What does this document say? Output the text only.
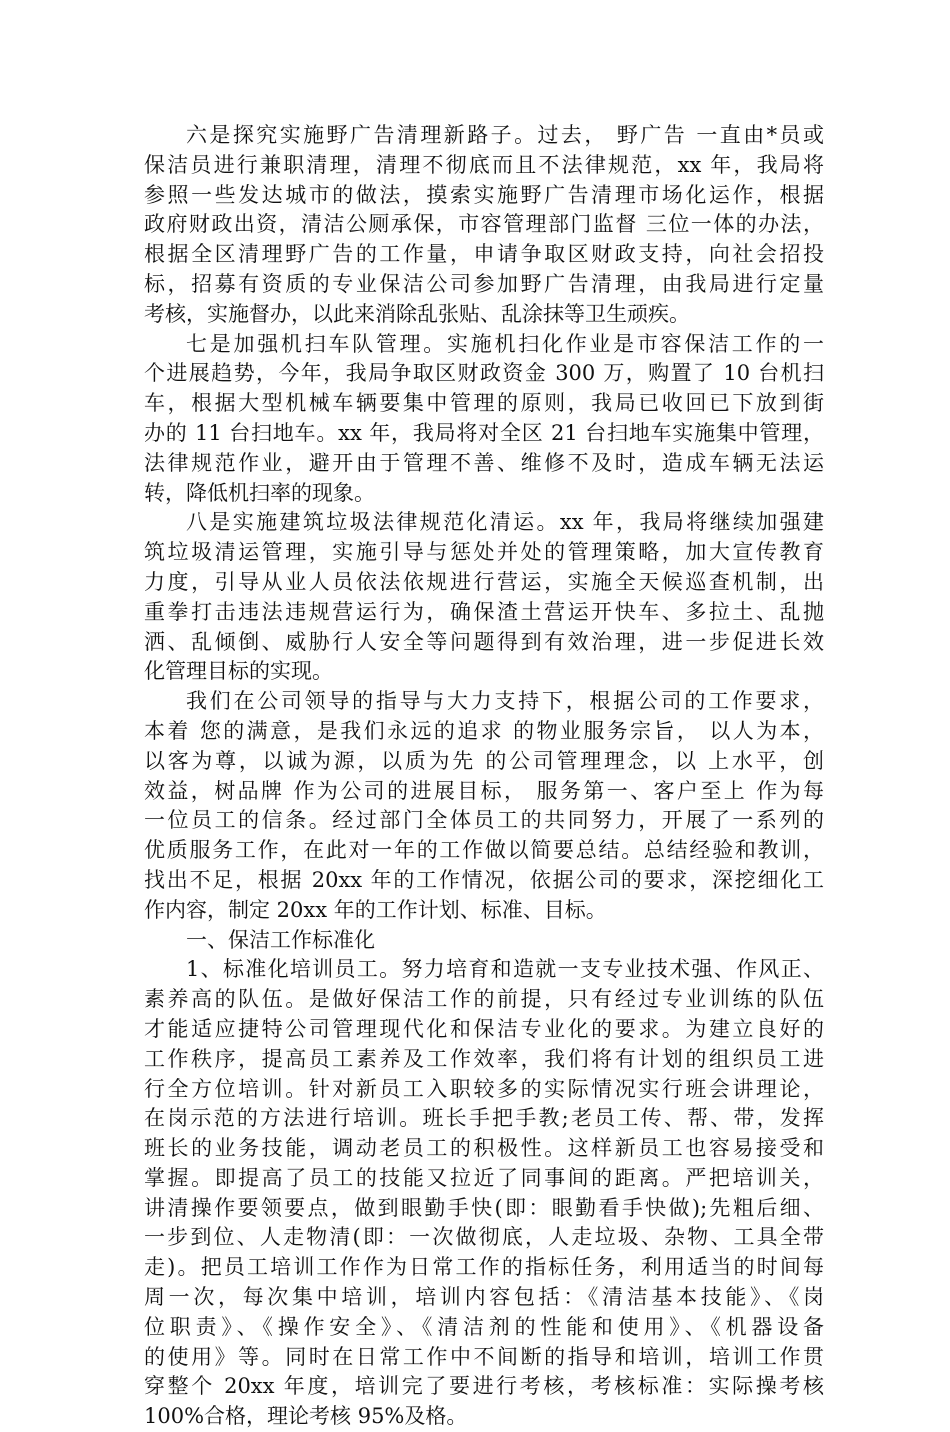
六是探究实施野广告清理新路子。过去， 野广告 一直由*员或
保洁员进行兼职清理，清理不彻底而且不法律规范，xx 年，我局将
参照一些发达城市的做法，摸索实施野广告清理市场化运作，根据
政府财政出资，清洁公厕承保，市容管理部门监督 三位一体的办法，
根据全区清理野广告的工作量，申请争取区财政支持，向社会招投
标，招募有资质的专业保洁公司参加野广告清理，由我局进行定量
考核，实施督办，以此来消除乱张贴、乱涂抹等卫生顽疾。
七是加强机扫车队管理。实施机扫化作业是市容保洁工作的一
个进展趋势，今年，我局争取区财政资金 300 万，购置了 10 台机扫
车，根据大型机械车辆要集中管理的原则，我局已收回已下放到街
办的 11 台扫地车。xx 年，我局将对全区 21 台扫地车实施集中管理，
法律规范作业，避开由于管理不善、维修不及时，造成车辆无法运
转，降低机扫率的现象。
八是实施建筑垃圾法律规范化清运。xx 年，我局将继续加强建
筑垃圾清运管理，实施引导与惩处并处的管理策略，加大宣传教育
力度，引导从业人员依法依规进行营运，实施全天候巡查机制，出
重拳打击违法违规营运行为，确保渣土营运开快车、多拉土、乱抛
洒、乱倾倒、威胁行人安全等问题得到有效治理，进一步促进长效
化管理目标的实现。
我们在公司领导的指导与大力支持下，根据公司的工作要求，
本着 您的满意，是我们永远的追求 的物业服务宗旨， 以人为本，
以客为尊，以诚为源，以质为先 的公司管理理念，以 上水平，创
效益，树品牌 作为公司的进展目标， 服务第一、客户至上 作为每
一位员工的信条。经过部门全体员工的共同努力，开展了一系列的
优质服务工作，在此对一年的工作做以简要总结。总结经验和教训，
找出不足，根据 20xx 年的工作情况，依据公司的要求，深挖细化工
作内容，制定 20xx 年的工作计划、标准、目标。
一、保洁工作标准化
1、标准化培训员工。努力培育和造就一支专业技术强、作风正、
素养高的队伍。是做好保洁工作的前提，只有经过专业训练的队伍
才能适应捷特公司管理现代化和保洁专业化的要求。为建立良好的
工作秩序，提高员工素养及工作效率，我们将有计划的组织员工进
行全方位培训。针对新员工入职较多的实际情况实行班会讲理论，
在岗示范的方法进行培训。班长手把手教;老员工传、帮、带，发挥
班长的业务技能，调动老员工的积极性。这样新员工也容易接受和
掌握。即提高了员工的技能又拉近了同事间的距离。严把培训关，
讲清操作要领要点，做到眼勤手快(即：眼勤看手快做);先粗后细、
一步到位、人走物清(即：一次做彻底，人走垃圾、杂物、工具全带
走)。把员工培训工作作为日常工作的指标任务，利用适当的时间每
周一次，每次集中培训，培训内容包括：《清洁基本技能》、《岗
位职责》、《操作安全》、《清洁剂的性能和使用》、《机器设备
的使用》等。同时在日常工作中不间断的指导和培训，培训工作贯
穿整个 20xx 年度，培训完了要进行考核，考核标准：实际操考核
100%合格，理论考核 95%及格。
